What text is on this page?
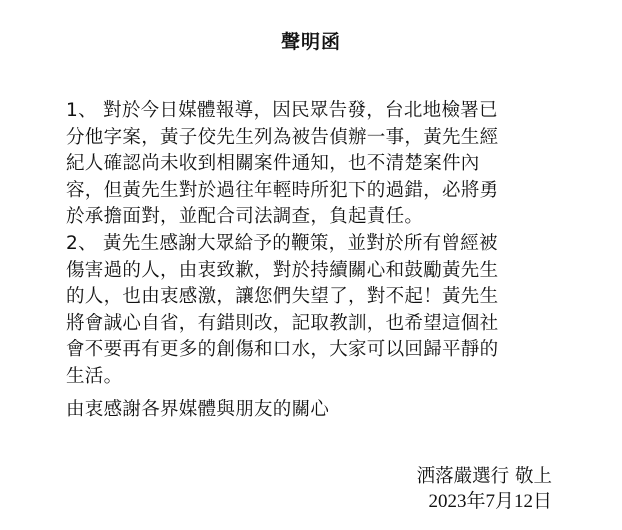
聲明函

1、 對於今日媒體報導，因民眾告發，台北地檢署已

分他字案，黃子佼先生列為被告偵辦一事，黃先生經

紀人確認尚未收到相關案件通知，也不清楚案件內

容，但黃先生對於過往年輕時所犯下的過錯，必將勇

於承擔面對，並配合司法調查，負起責任。

2、 黃先生感謝大眾給予的鞭策，並對於所有曾經被

傷害過的人，由衷致歉，對於持續關心和鼓勵黃先生

的人，也由衷感激，讓您們失望了，對不起！黃先生

將會誠心自省，有錯則改，記取教訓，也希望這個社

會不要再有更多的創傷和口水，大家可以回歸平靜的

生活。

由衷感謝各界媒體與朋友的關心
洒落嚴選行 敬上
2023年7月12日
